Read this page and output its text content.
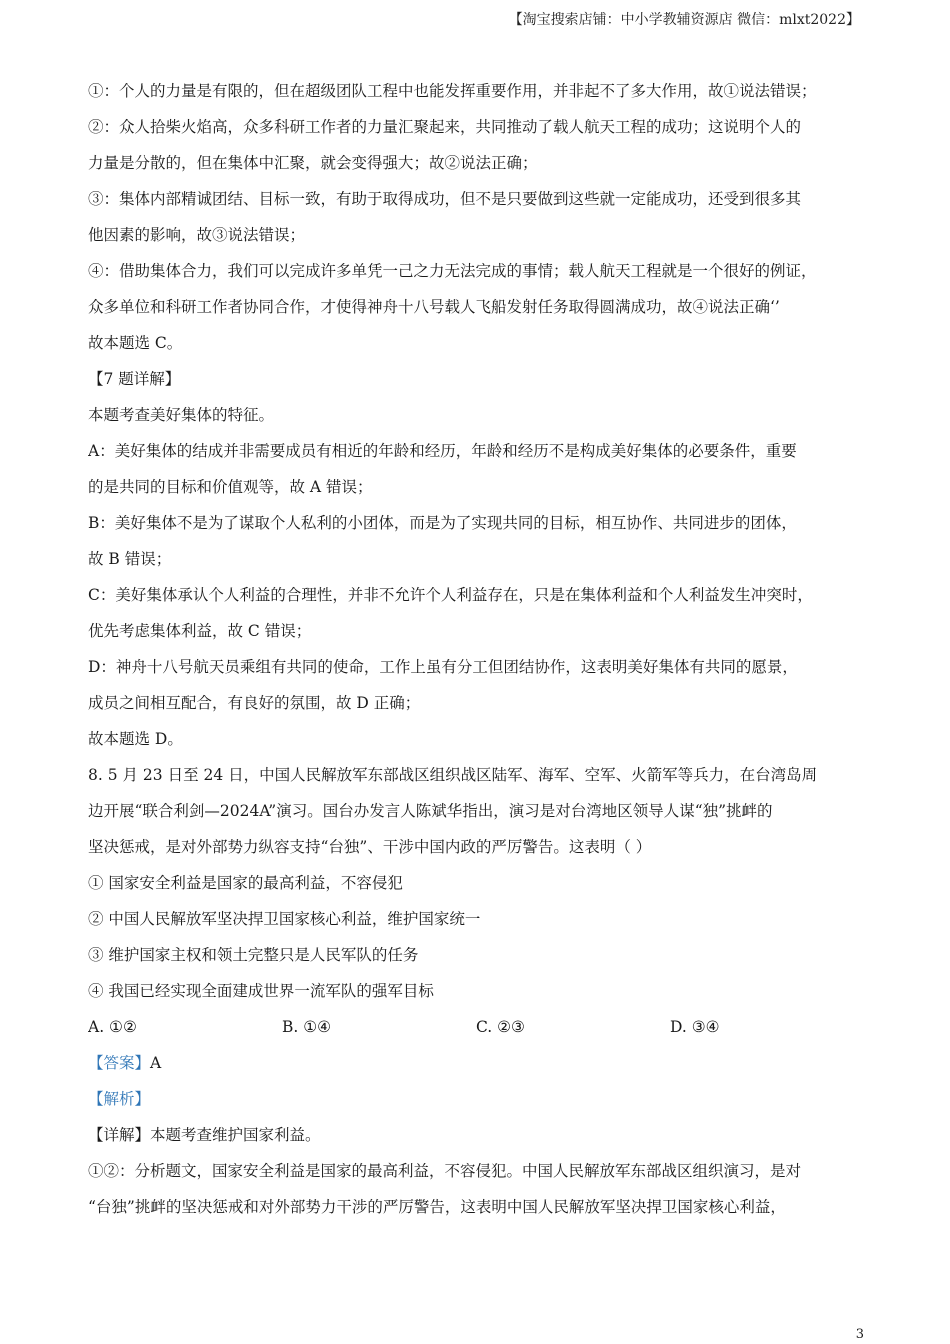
【淘宝搜索店铺：中小学教辅资源店 微信：mlxt2022】
①：个人的力量是有限的，但在超级团队工程中也能发挥重要作用，并非起不了多大作用，故①说法错误；
②：众人拾柴火焰高，众多科研工作者的力量汇聚起来，共同推动了载人航天工程的成功；这说明个人的
力量是分散的，但在集体中汇聚，就会变得强大；故②说法正确；
③：集体内部精诚团结、目标一致，有助于取得成功，但不是只要做到这些就一定能成功，还受到很多其
他因素的影响，故③说法错误；
④：借助集体合力，我们可以完成许多单凭一己之力无法完成的事情；载人航天工程就是一个很好的例证，
众多单位和科研工作者协同合作，才使得神舟十八号载人飞船发射任务取得圆满成功，故④说法正确‘’
故本题选 C。
【7 题详解】
本题考查美好集体的特征。
A：美好集体的结成并非需要成员有相近的年龄和经历，年龄和经历不是构成美好集体的必要条件，重要
的是共同的目标和价值观等，故 A 错误；
B：美好集体不是为了谋取个人私利的小团体，而是为了实现共同的目标，相互协作、共同进步的团体，
故 B 错误；
C：美好集体承认个人利益的合理性，并非不允许个人利益存在，只是在集体利益和个人利益发生冲突时，
优先考虑集体利益，故 C 错误；
D：神舟十八号航天员乘组有共同的使命，工作上虽有分工但团结协作，这表明美好集体有共同的愿景，
成员之间相互配合，有良好的氛围，故 D 正确；
故本题选 D。
8. 5 月 23 日至 24 日，中国人民解放军东部战区组织战区陆军、海军、空军、火箭军等兵力，在台湾岛周
边开展“联合利剑—2024A”演习。国台办发言人陈斌华指出，演习是对台湾地区领导人谋“独”挑衅的
坚决惩戒，是对外部势力纵容支持“台独”、干涉中国内政的严厉警告。这表明（ ）
① 国家安全利益是国家的最高利益，不容侵犯
② 中国人民解放军坚决捍卫国家核心利益，维护国家统一
③ 维护国家主权和领土完整只是人民军队的任务
④ 我国已经实现全面建成世界一流军队的强军目标
A. ①②	B. ①④	C. ②③	D. ③④
【答案】A
【解析】
【详解】本题考查维护国家利益。
①②：分析题文，国家安全利益是国家的最高利益，不容侵犯。中国人民解放军东部战区组织演习，是对
“台独”挑衅的坚决惩戒和对外部势力干涉的严厉警告，这表明中国人民解放军坚决捍卫国家核心利益，
3
